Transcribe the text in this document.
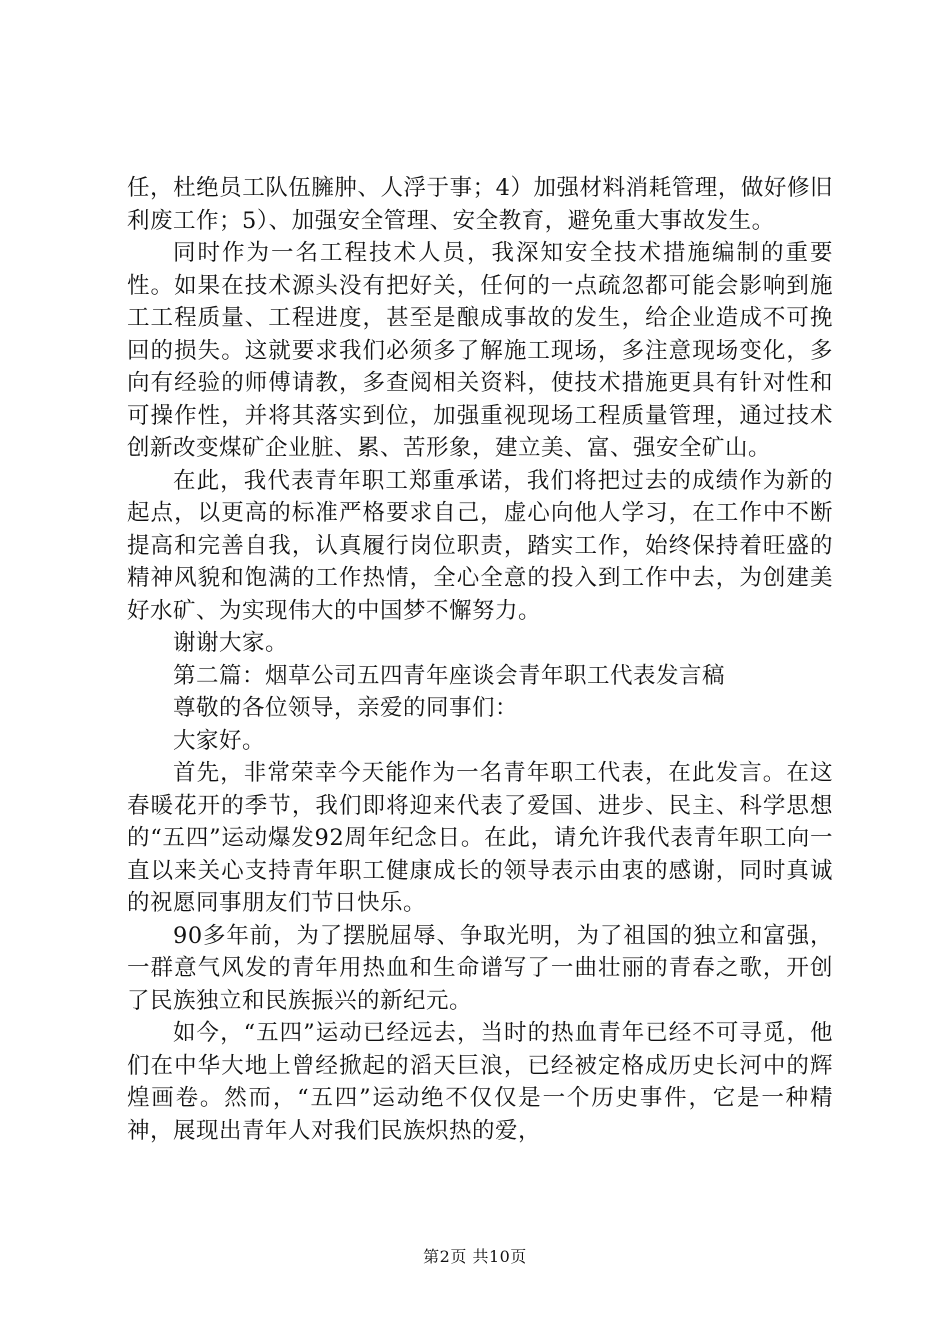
任，杜绝员工队伍臃肿、人浮于事；4）加强材料消耗管理，做好修旧利废工作；5）、加强安全管理、安全教育，避免重大事故发生。

同时作为一名工程技术人员，我深知安全技术措施编制的重要性。如果在技术源头没有把好关，任何的一点疏忽都可能会影响到施工工程质量、工程进度，甚至是酿成事故的发生，给企业造成不可挽回的损失。这就要求我们必须多了解施工现场，多注意现场变化，多向有经验的师傅请教，多查阅相关资料，使技术措施更具有针对性和可操作性，并将其落实到位，加强重视现场工程质量管理，通过技术创新改变煤矿企业脏、累、苦形象，建立美、富、强安全矿山。

在此，我代表青年职工郑重承诺，我们将把过去的成绩作为新的起点，以更高的标准严格要求自己，虚心向他人学习，在工作中不断提高和完善自我，认真履行岗位职责，踏实工作，始终保持着旺盛的精神风貌和饱满的工作热情，全心全意的投入到工作中去，为创建美好水矿、为实现伟大的中国梦不懈努力。

谢谢大家。

第二篇：烟草公司五四青年座谈会青年职工代表发言稿

尊敬的各位领导，亲爱的同事们：

大家好。

首先，非常荣幸今天能作为一名青年职工代表，在此发言。在这春暖花开的季节，我们即将迎来代表了爱国、进步、民主、科学思想的“五四”运动爆发92周年纪念日。在此，请允许我代表青年职工向一直以来关心支持青年职工健康成长的领导表示由衷的感谢，同时真诚的祝愿同事朋友们节日快乐。

90多年前，为了摆脱屈辱、争取光明，为了祖国的独立和富强，一群意气风发的青年用热血和生命谱写了一曲壮丽的青春之歌，开创了民族独立和民族振兴的新纪元。

如今，“五四”运动已经远去，当时的热血青年已经不可寻觅，他们在中华大地上曾经掀起的滔天巨浪，已经被定格成历史长河中的辉煌画卷。然而，“五四”运动绝不仅仅是一个历史事件，它是一种精神，展现出青年人对我们民族炽热的爱，

第2页 共10页
